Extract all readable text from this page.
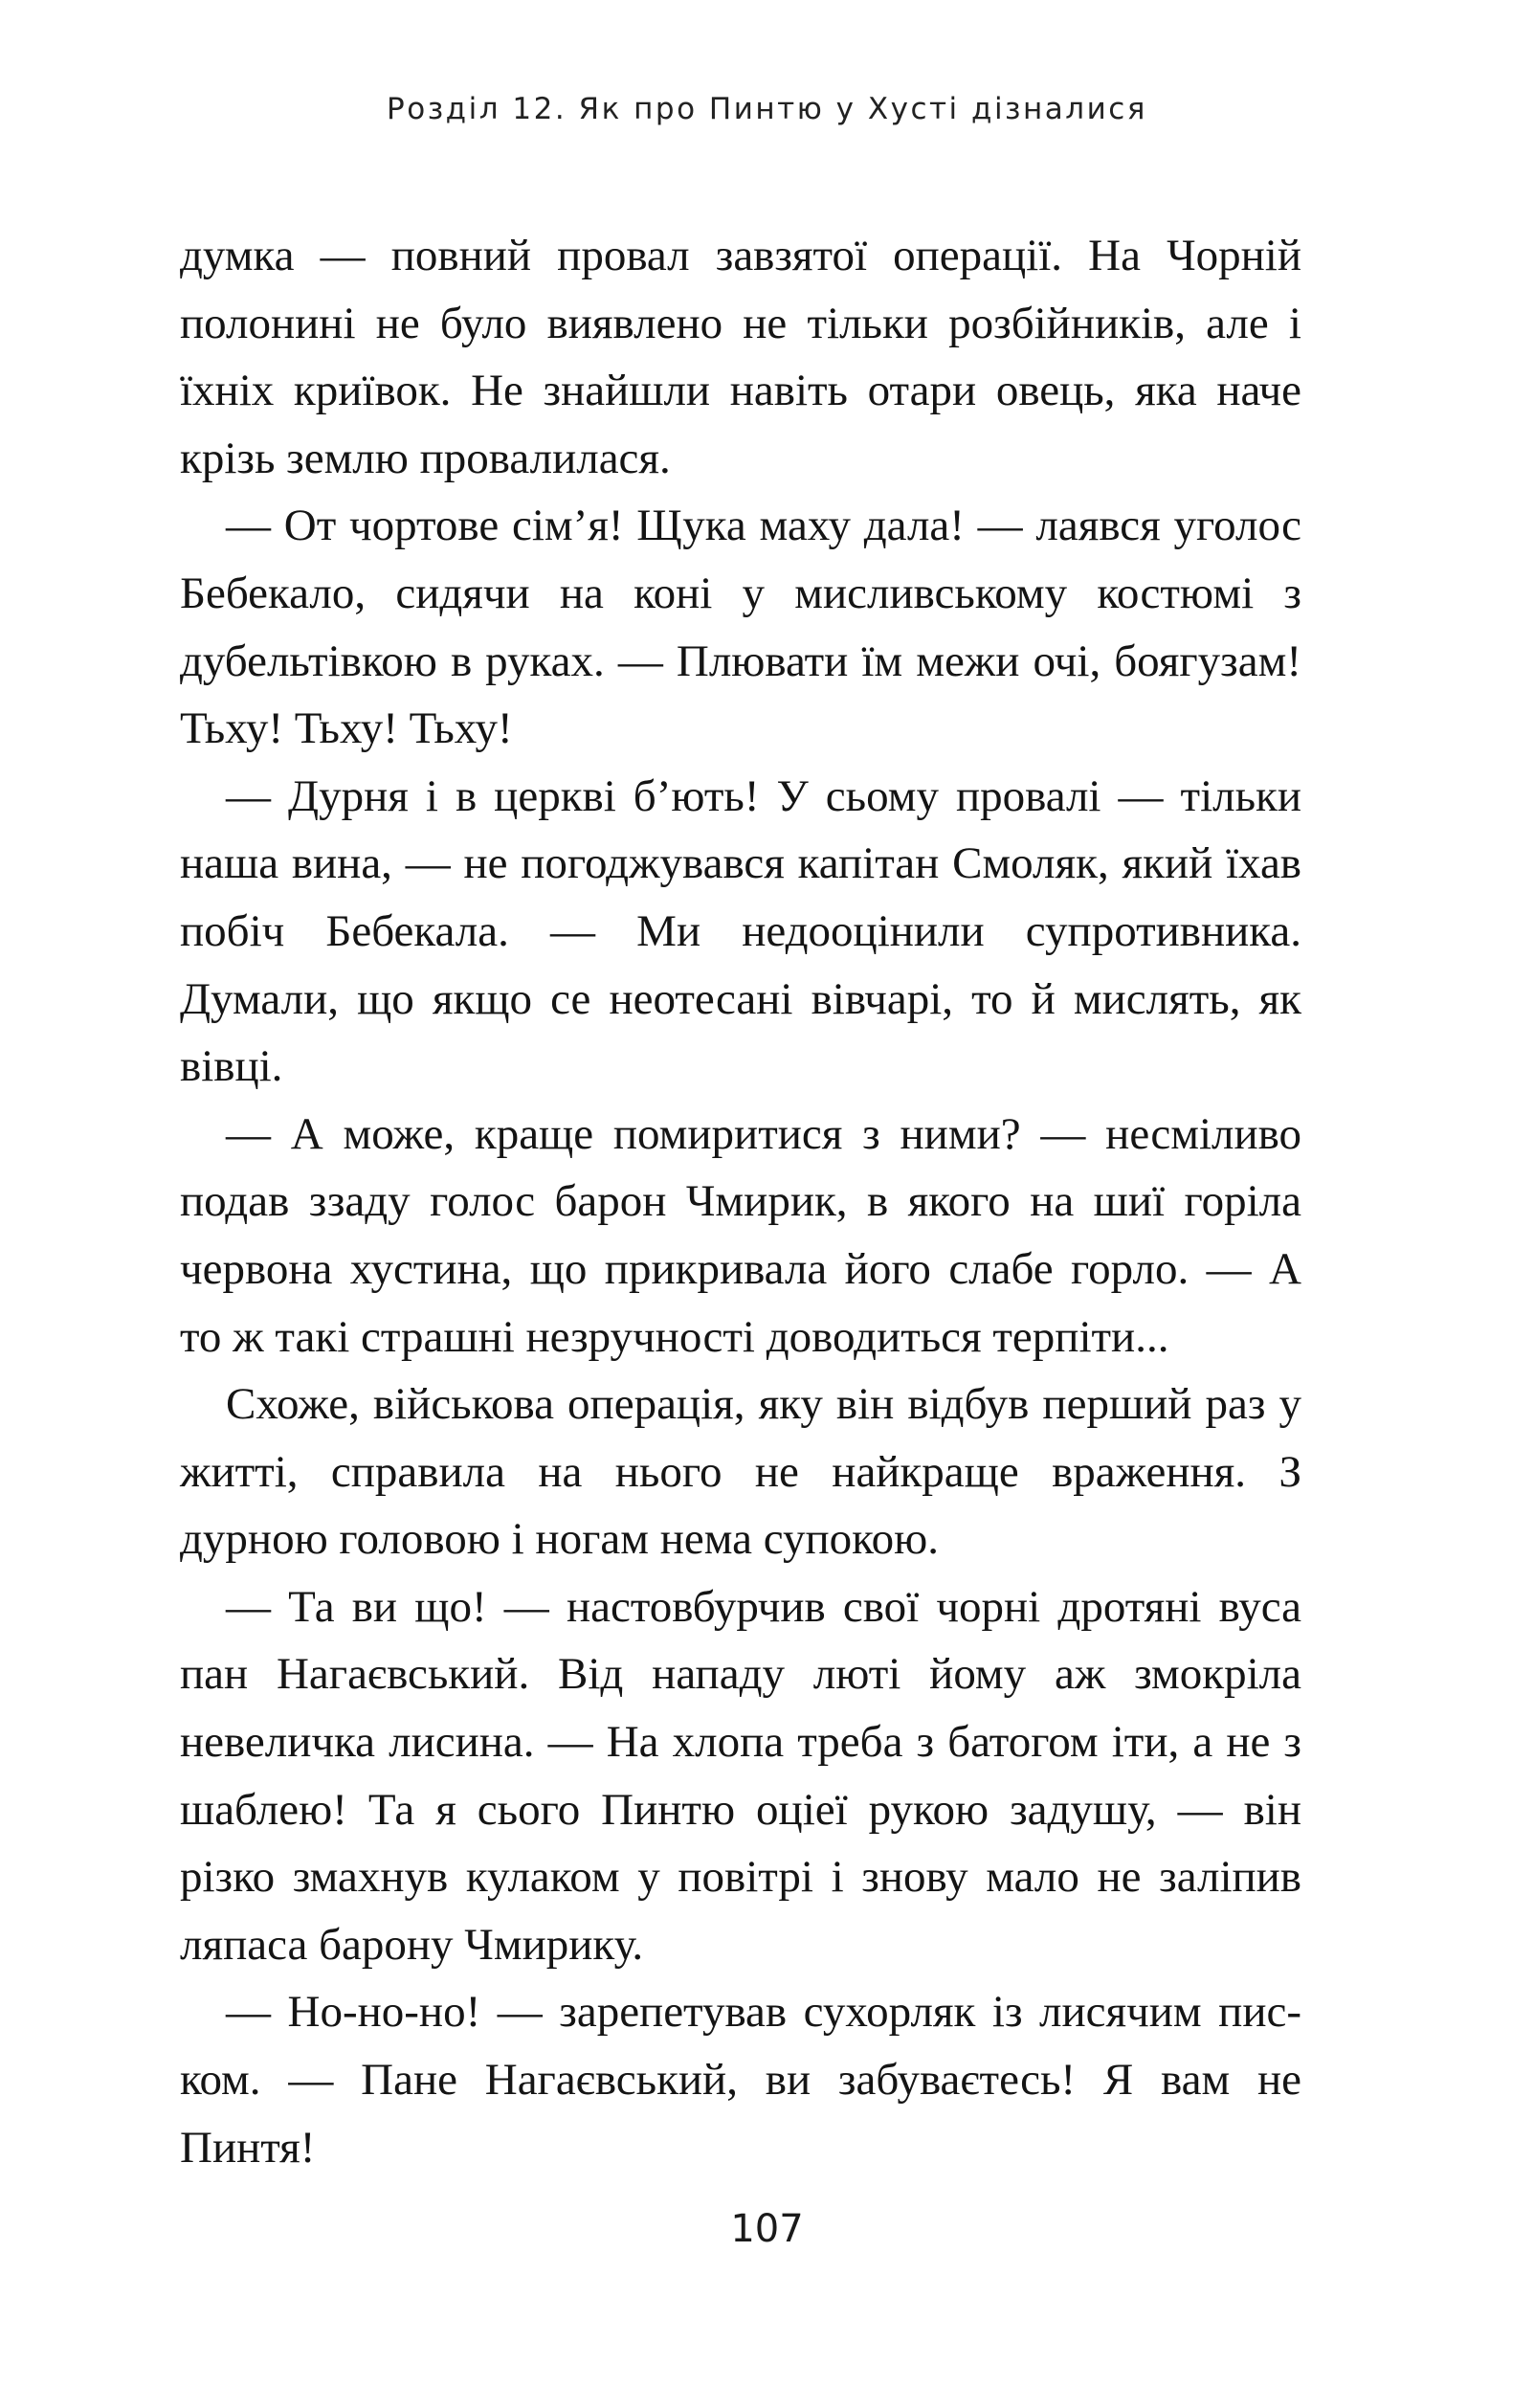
Розділ 12. Як про Пинтю у Хусті дізналися

думка — повний провал завзятої операції. На Чорній полонині не було виявлено не тільки розбійників, але і їхніх криївок. Не знайшли навіть отари овець, яка наче крізь землю провалилася.

— От чортове сім’я! Щука маху дала! — лаявся уголос Бебекало, сидячи на коні у мисливському костюмі з дубельтівкою в руках. — Плювати їм межи очі, боягузам! Тьху! Тьху! Тьху!

— Дурня і в церкві б’ють! У сьому провалі — тільки наша вина, — не погоджувався капітан Смоляк, який їхав побіч Бебекала. — Ми недооцінили супротивника. Думали, що якщо се неотесані вівчарі, то й мислять, як вівці.

— А може, краще помиритися з ними? — несміливо подав ззаду голос барон Чмирик, в якого на шиї горіла червона хустина, що прикривала його слабе горло. — А то ж такі страшні незручності доводиться терпіти...

Схоже, військова операція, яку він відбув перший раз у житті, справила на нього не найкраще враження. З дурною головою і ногам нема супокою.

— Та ви що! — настовбурчив свої чорні дротяні вуса пан Нагаєвський. Від нападу люті йому аж змокріла невеличка лисина. — На хлопа треба з батогом іти, а не з шаблею! Та я сього Пинтю оціеї рукою задушу, — він різко змахнув кулаком у повітрі і знову мало не заліпив ляпаса барону Чмирику.

— Но-но-но! — зарепетував сухорляк із лисячим писком. — Пане Нагаєвський, ви забуваєтесь! Я вам не Пинтя!

107
